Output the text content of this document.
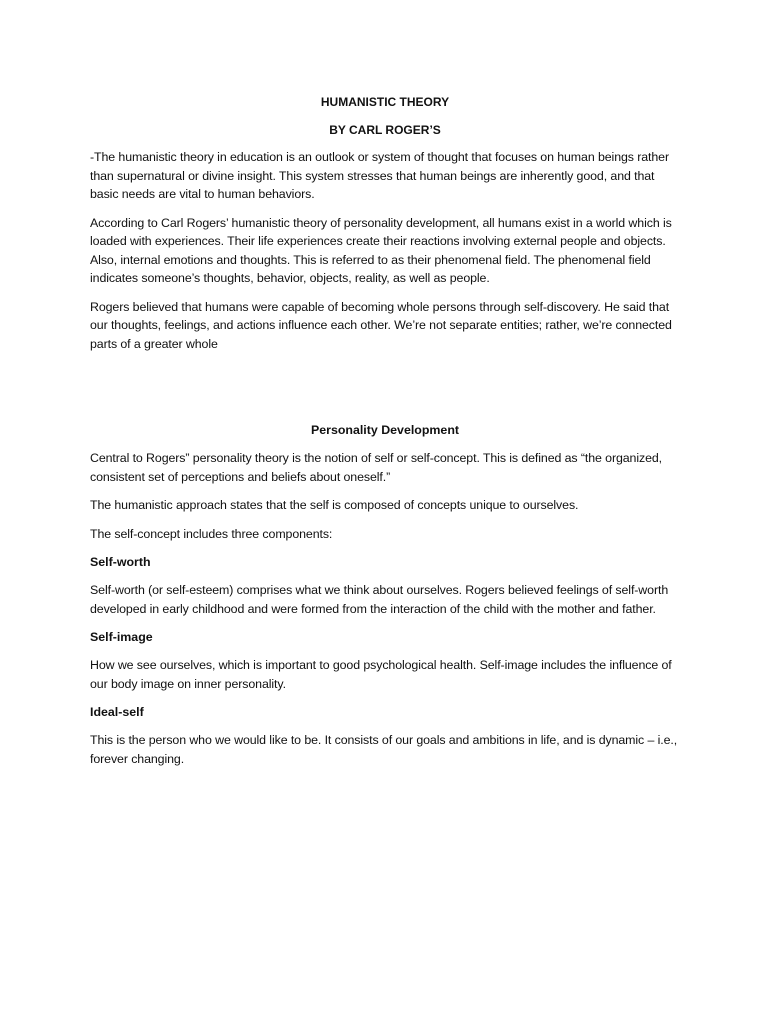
HUMANISTIC THEORY
BY CARL ROGER’S

-The humanistic theory in education is an outlook or system of thought that focuses on human beings rather than supernatural or divine insight. This system stresses that human beings are inherently good, and that basic needs are vital to human behaviors.

According to Carl Rogers’ humanistic theory of personality development, all humans exist in a world which is loaded with experiences. Their life experiences create their reactions involving external people and objects. Also, internal emotions and thoughts. This is referred to as their phenomenal field. The phenomenal field indicates someone’s thoughts, behavior, objects, reality, as well as people.

Rogers believed that humans were capable of becoming whole persons through self-discovery. He said that our thoughts, feelings, and actions influence each other. We’re not separate entities; rather, we’re connected parts of a greater whole

Personality Development

Central to Rogers” personality theory is the notion of self or self-concept. This is defined as “the organized, consistent set of perceptions and beliefs about oneself.”

The humanistic approach states that the self is composed of concepts unique to ourselves.

The self-concept includes three components:

Self-worth

Self-worth (or self-esteem) comprises what we think about ourselves. Rogers believed feelings of self-worth developed in early childhood and were formed from the interaction of the child with the mother and father.

Self-image

How we see ourselves, which is important to good psychological health. Self-image includes the influence of our body image on inner personality.

Ideal-self

This is the person who we would like to be. It consists of our goals and ambitions in life, and is dynamic – i.e., forever changing.
